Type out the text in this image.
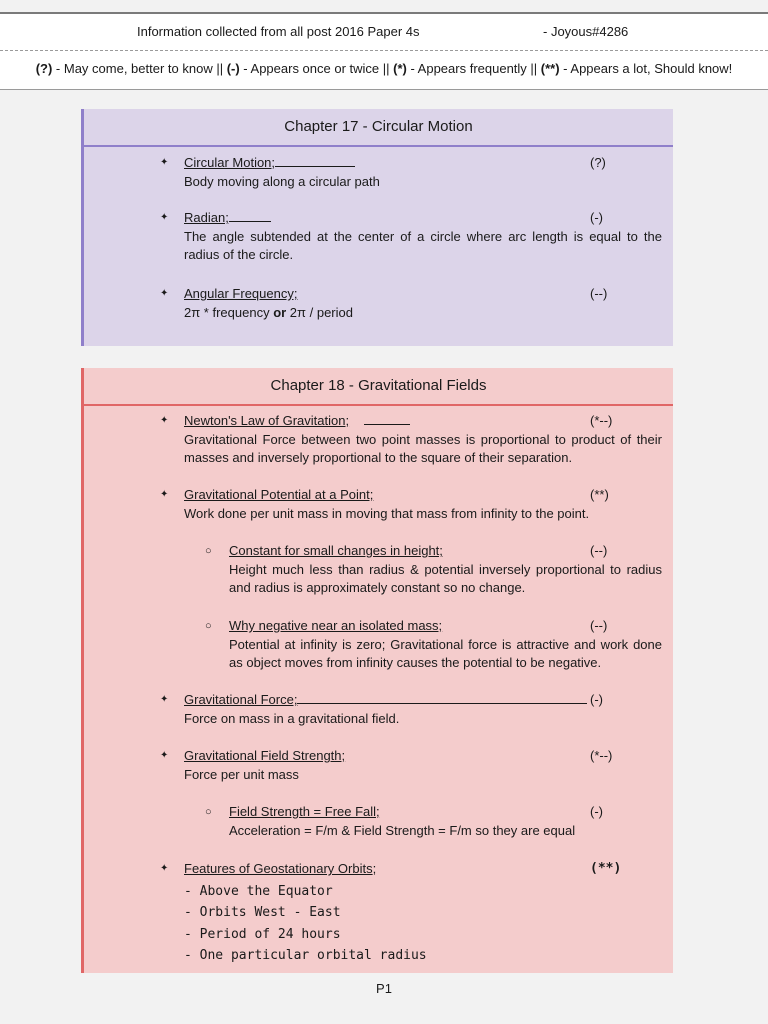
Information collected from all post 2016 Paper 4s	- Joyous#4286
(?) - May come, better to know || (-) - Appears once or twice || (*) - Appears frequently || (**) - Appears a lot, Should know!
Chapter 17 - Circular Motion
✦ Circular Motion;	(?)
Body moving along a circular path
✦ Radian;	(-)
The angle subtended at the center of a circle where arc length is equal to the radius of the circle.
✦ Angular Frequency;	(--)
2π * frequency or 2π / period
Chapter 18 - Gravitational Fields
✦ Newton's Law of Gravitation;	(*--)
Gravitational Force between two point masses is proportional to product of their masses and inversely proportional to the square of their separation.
✦ Gravitational Potential at a Point;	(**)
Work done per unit mass in moving that mass from infinity to the point.
○ Constant for small changes in height;	(--)
Height much less than radius & potential inversely proportional to radius and radius is approximately constant so no change.
○ Why negative near an isolated mass;	(--)
Potential at infinity is zero; Gravitational force is attractive and work done as object moves from infinity causes the potential to be negative.
✦ Gravitational Force;	(-)
Force on mass in a gravitational field.
✦ Gravitational Field Strength;	(*--)
Force per unit mass
○ Field Strength = Free Fall;	(-)
Acceleration = F/m & Field Strength = F/m so they are equal
✦ Features of Geostationary Orbits;	(**)
- Above the Equator
- Orbits West - East
- Period of 24 hours
- One particular orbital radius
P1
